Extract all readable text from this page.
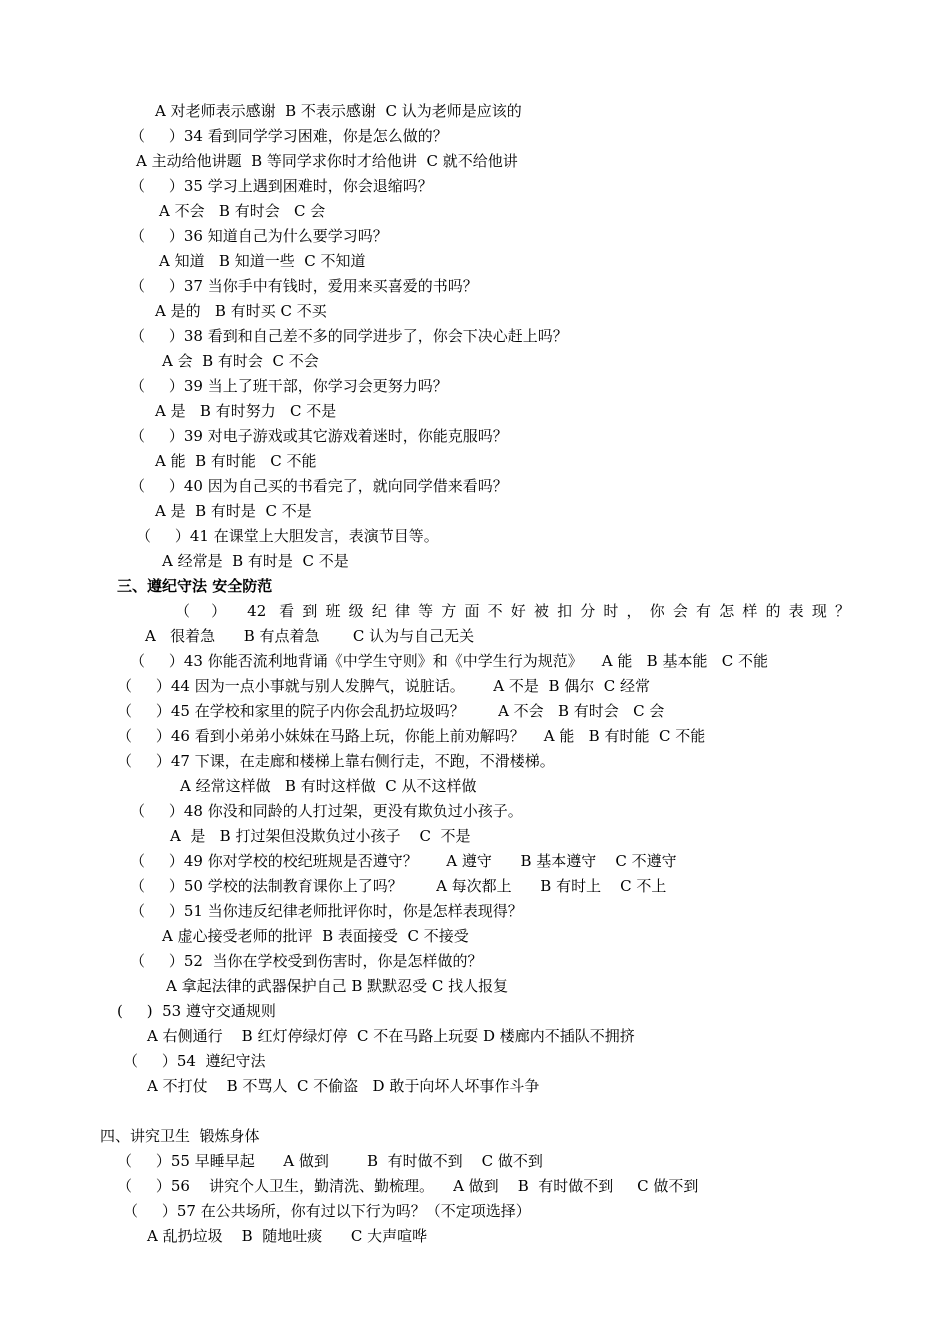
A 对老师表示感谢  B 不表示感谢  C 认为老师是应该的
（     ）34 看到同学学习困难，你是怎么做的？
A 主动给他讲题  B 等同学求你时才给他讲  C 就不给他讲
（     ）35 学习上遇到困难时，你会退缩吗？
A 不会   B 有时会   C 会
（     ）36 知道自己为什么要学习吗？
A 知道   B 知道一些  C 不知道
（     ）37 当你手中有钱时，爱用来买喜爱的书吗？
A 是的   B 有时买 C 不买
（     ）38 看到和自己差不多的同学进步了，你会下决心赶上吗？
A 会  B 有时会  C 不会
（     ）39 当上了班干部，你学习会更努力吗？
A 是   B 有时努力   C 不是
（     ）39 对电子游戏或其它游戏着迷时，你能克服吗？
A 能  B 有时能   C 不能
（     ）40 因为自己买的书看完了，就向同学借来看吗？
A 是  B 有时是  C 不是
（     ）41 在课堂上大胆发言，表演节目等。
A 经常是  B 有时是  C 不是
三、遵纪守法 安全防范
（ ） 42 看到班级纪律等方面不好被扣分时，你会有怎样的表现？
A   很着急      B 有点着急       C 认为与自己无关
（     ）43 你能否流利地背诵《中学生守则》和《中学生行为规范》    A 能   B 基本能   C 不能
（     ）44 因为一点小事就与别人发脾气，说脏话。      A 不是  B 偶尔  C 经常
（     ）45 在学校和家里的院子内你会乱扔垃圾吗？       A 不会   B 有时会   C 会
（     ）46 看到小弟弟小妹妹在马路上玩，你能上前劝解吗？    A 能   B 有时能  C 不能
（     ）47 下课，在走廊和楼梯上靠右侧行走，不跑，不滑楼梯。
A 经常这样做   B 有时这样做  C 从不这样做
（     ）48 你没和同龄的人打过架，更没有欺负过小孩子。
A  是   B 打过架但没欺负过小孩子    C  不是
（     ）49 你对学校的校纪班规是否遵守？      A 遵守      B 基本遵守    C 不遵守
（     ）50 学校的法制教育课你上了吗？       A 每次都上      B 有时上    C 不上
（     ）51 当你违反纪律老师批评你时，你是怎样表现得？
A 虚心接受老师的批评  B 表面接受  C 不接受
（     ）52  当你在学校受到伤害时，你是怎样做的？
A 拿起法律的武器保护自己 B 默默忍受 C 找人报复
(     )  53 遵守交通规则
A 右侧通行    B 红灯停绿灯停  C 不在马路上玩耍 D 楼廊内不插队不拥挤
（     ）54  遵纪守法
A 不打仗    B 不骂人  C 不偷盗   D 敢于向坏人坏事作斗争
四、讲究卫生  锻炼身体
（     ）55 早睡早起      A 做到        B  有时做不到    C 做不到
（     ）56    讲究个人卫生，勤清洗、勤梳理。    A 做到    B  有时做不到     C 做不到
（     ）57 在公共场所，你有过以下行为吗？（不定项选择）
A 乱扔垃圾    B  随地吐痰      C 大声喧哗
